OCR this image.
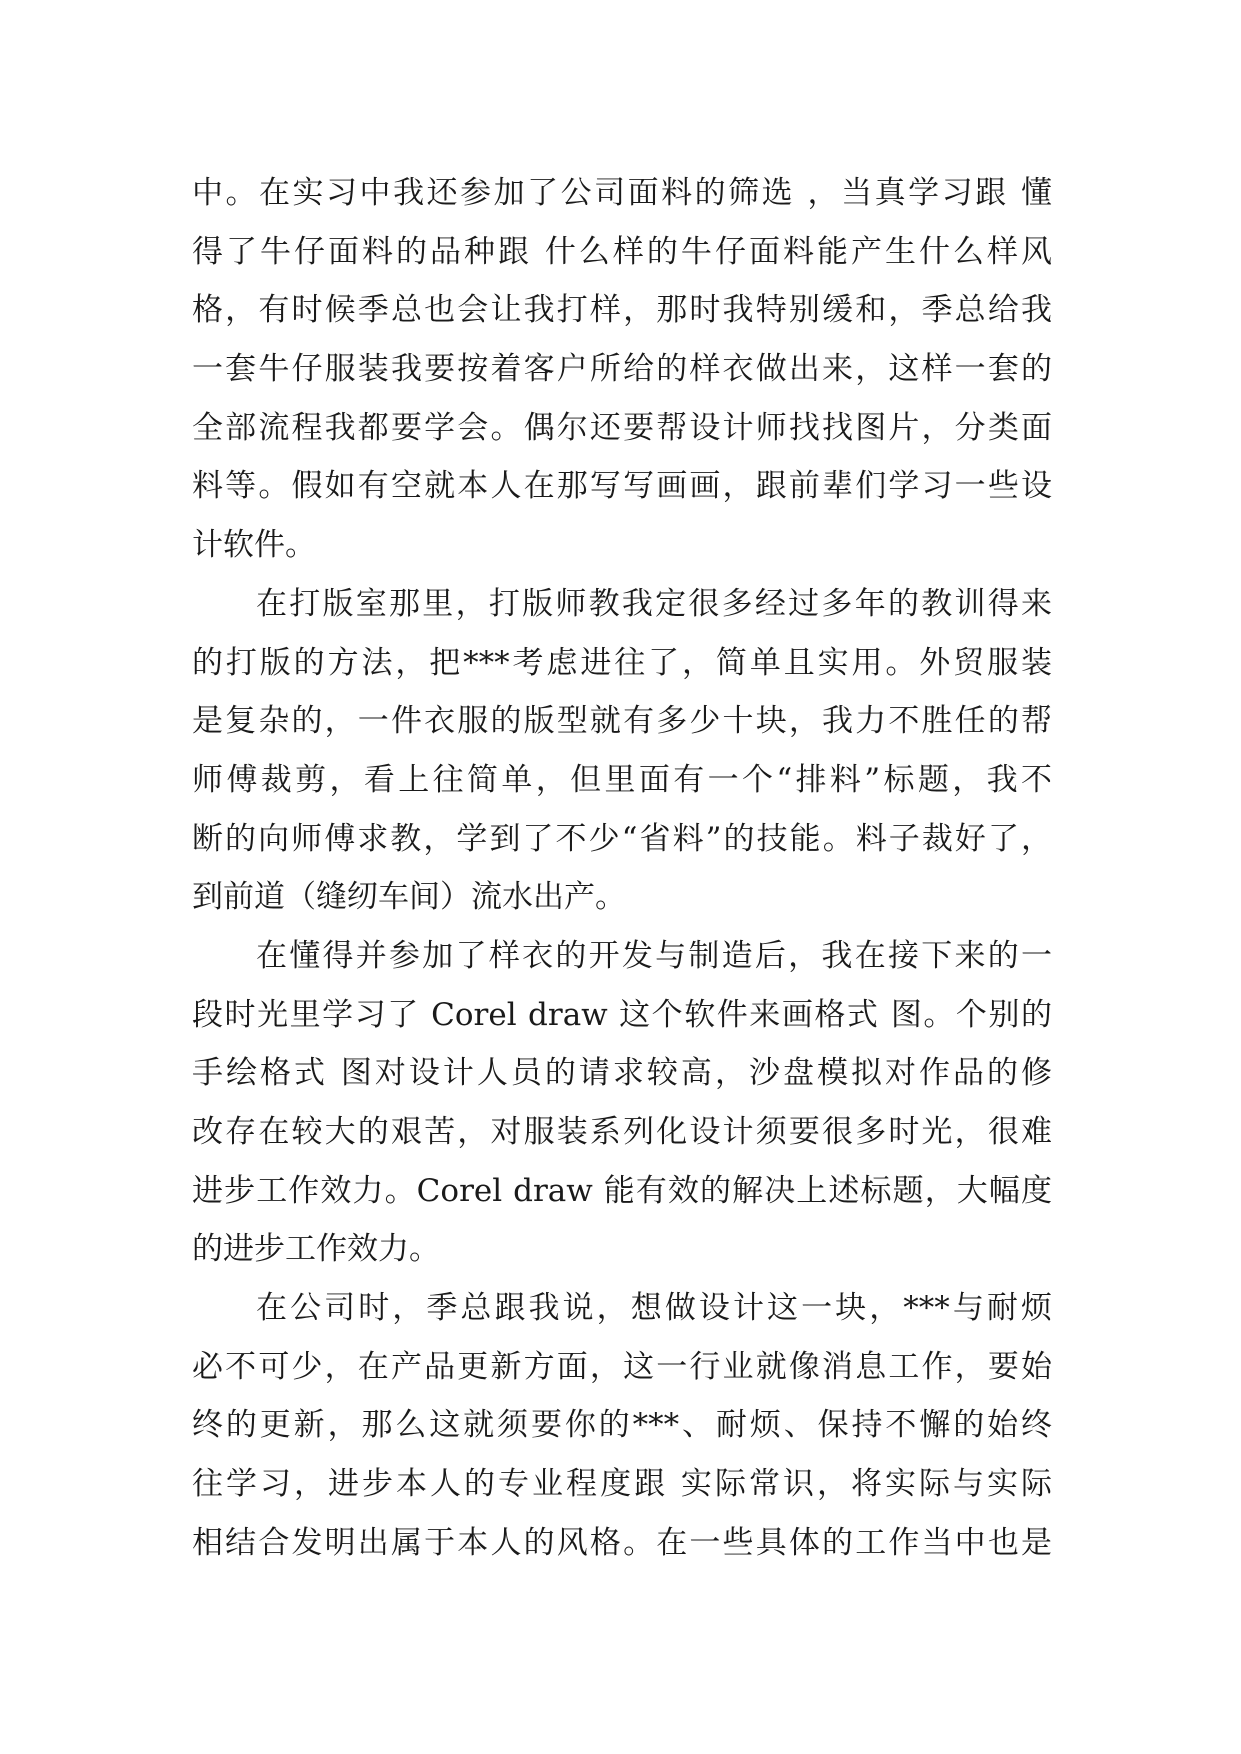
中。在实习中我还参加了公司面料的筛选 ，当真学习跟 懂
得了牛仔面料的品种跟 什么样的牛仔面料能产生什么样风
格，有时候季总也会让我打样，那时我特别缓和，季总给我
一套牛仔服装我要按着客户所给的样衣做出来，这样一套的
全部流程我都要学会。偶尔还要帮设计师找找图片，分类面
料等。假如有空就本人在那写写画画，跟前辈们学习一些设
计软件。
在打版室那里，打版师教我定很多经过多年的教训得来
的打版的方法，把***考虑进往了，简单且实用。外贸服装
是复杂的，一件衣服的版型就有多少十块，我力不胜任的帮
师傅裁剪，看上往简单，但里面有一个“排料”标题，我不
断的向师傅求教，学到了不少“省料”的技能。料子裁好了，
到前道（缝纫车间）流水出产。
在懂得并参加了样衣的开发与制造后，我在接下来的一
段时光里学习了 Corel draw 这个软件来画格式 图。个别的
手绘格式 图对设计人员的请求较高，沙盘模拟对作品的修
改存在较大的艰苦，对服装系列化设计须要很多时光，很难
进步工作效力。Corel draw 能有效的解决上述标题，大幅度
的进步工作效力。
在公司时，季总跟我说，想做设计这一块，***与耐烦
必不可少，在产品更新方面，这一行业就像消息工作，要始
终的更新，那么这就须要你的***、耐烦、保持不懈的始终
往学习，进步本人的专业程度跟 实际常识，将实际与实际
相结合发明出属于本人的风格。在一些具体的工作当中也是
